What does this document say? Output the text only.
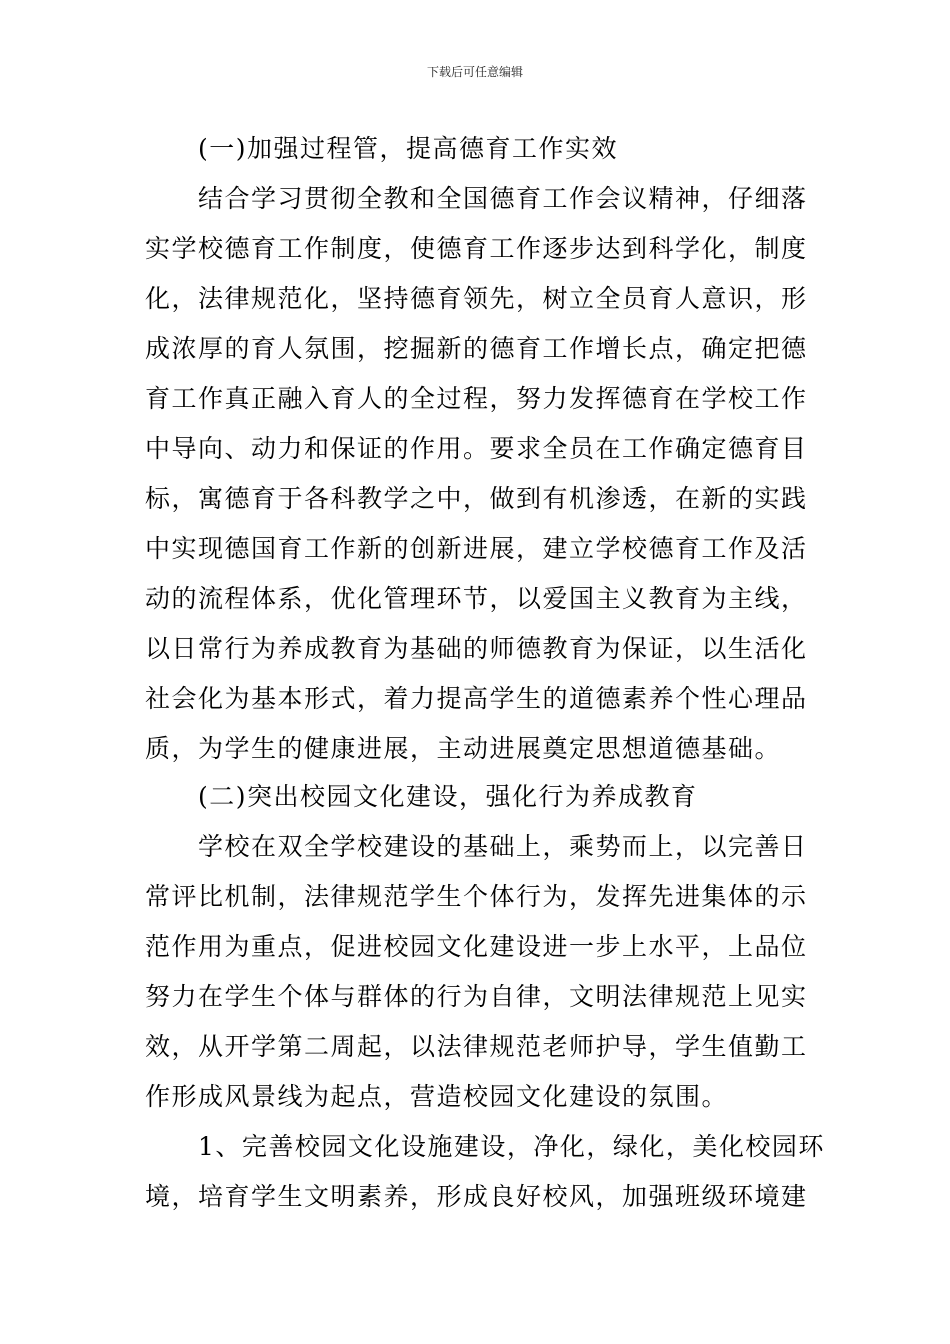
下载后可任意编辑
(一)加强过程管，提高德育工作实效
结合学习贯彻全教和全国德育工作会议精神，仔细落
实学校德育工作制度，使德育工作逐步达到科学化，制度
化，法律规范化，坚持德育领先，树立全员育人意识，形
成浓厚的育人氛围，挖掘新的德育工作增长点，确定把德
育工作真正融入育人的全过程，努力发挥德育在学校工作
中导向、动力和保证的作用。要求全员在工作确定德育目
标，寓德育于各科教学之中，做到有机渗透，在新的实践
中实现德国育工作新的创新进展，建立学校德育工作及活
动的流程体系，优化管理环节，以爱国主义教育为主线，
以日常行为养成教育为基础的师德教育为保证，以生活化
社会化为基本形式，着力提高学生的道德素养个性心理品
质，为学生的健康进展，主动进展奠定思想道德基础。
(二)突出校园文化建设，强化行为养成教育
学校在双全学校建设的基础上，乘势而上，以完善日
常评比机制，法律规范学生个体行为，发挥先进集体的示
范作用为重点，促进校园文化建设进一步上水平，上品位
努力在学生个体与群体的行为自律，文明法律规范上见实
效，从开学第二周起，以法律规范老师护导，学生值勤工
作形成风景线为起点，营造校园文化建设的氛围。
1、完善校园文化设施建设，净化，绿化，美化校园环
境，培育学生文明素养，形成良好校风，加强班级环境建
